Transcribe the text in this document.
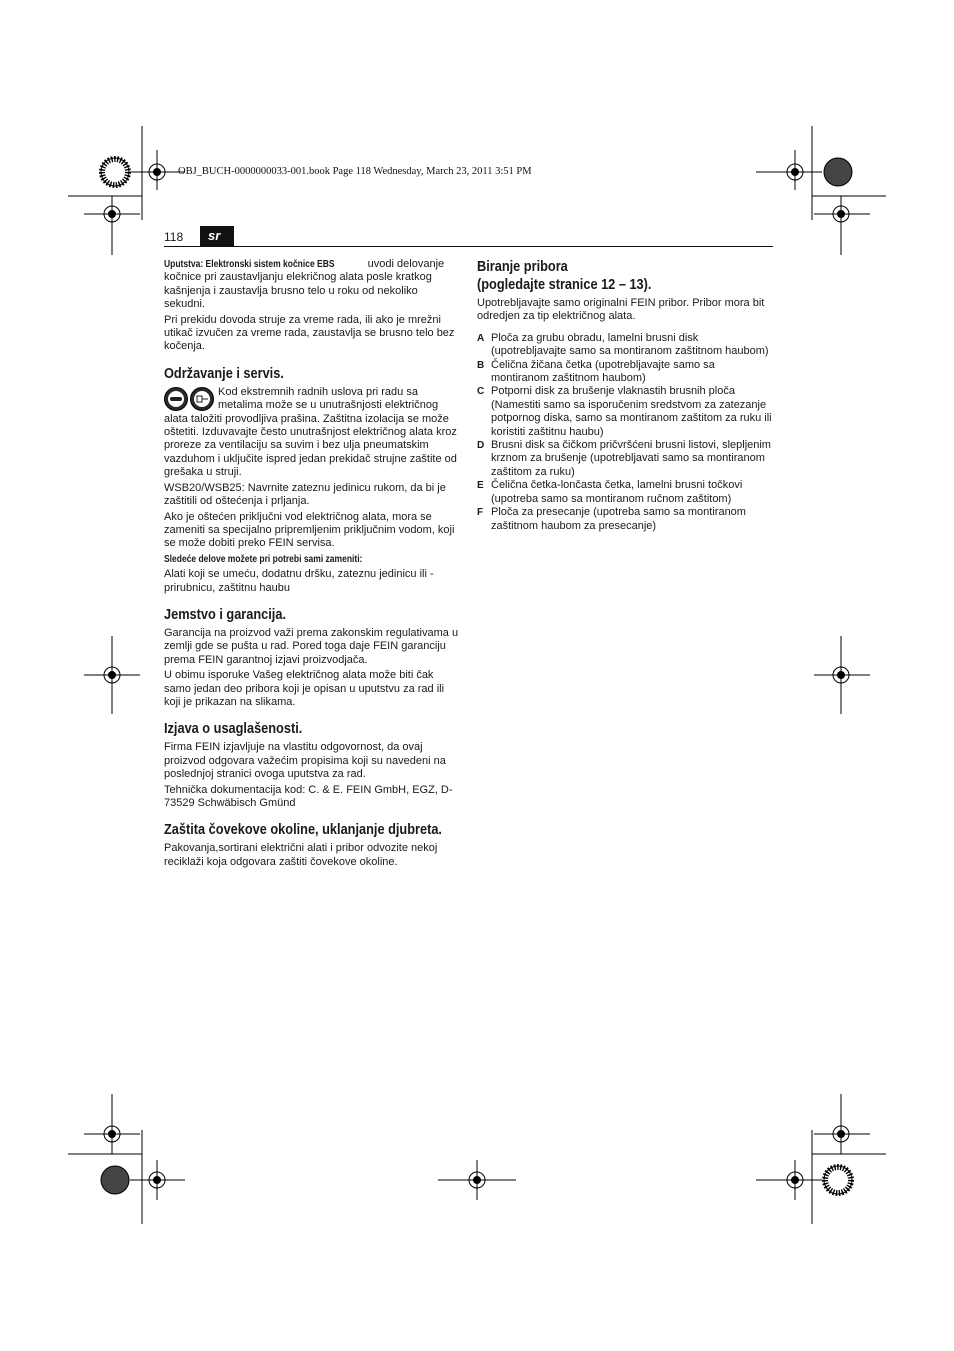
OBJ_BUCH-0000000033-001.book Page 118 Wednesday, March 23, 2011 3:51 PM
118	sr

Uputstva: Elektronski sistem kočnice EBS	uvodi delovanje kočnice pri zaustavljanju elekričnog alata posle kratkog kašnjenja i zaustavlja brusno telo u roku od nekoliko sekudni.

Pri prekidu dovoda struje za vreme rada, ili ako je mrežni utikač izvučen za vreme rada, zaustavlja se brusno telo bez kočenja.

Održavanje i servis.

Kod ekstremnih radnih uslova pri radu sa metalima može se u unutrašnjosti električnog alata taložiti provodljiva prašina. Zaštitna izolacija se može oštetiti. Izduvavajte često unutrašnjost električnog alata kroz proreze za ventilaciju sa suvim i bez ulja pneumatskim vazduhom i uključite ispred jedan prekidač strujne zaštite od grešaka u struji.

WSB20/WSB25: Navrnite zateznu jedinicu rukom, da bi je zaštitili od oštećenja i prljanja.

Ako je oštećen priključni vod električnog alata, mora se zameniti sa specijalno pripremljenim priključnim vodom, koji se može dobiti preko FEIN servisa.

Sledeće delove možete pri potrebi sami zameniti:

Alati koji se umeću, dodatnu dršku, zateznu jedinicu ili -prirubnicu, zaštitnu haubu

Jemstvo i garancija.

Garancija na proizvod važi prema zakonskim regulativama u zemlji gde se pušta u rad. Pored toga daje FEIN garanciju prema FEIN garantnoj izjavi proizvodjača.

U obimu isporuke Vašeg električnog alata može biti čak samo jedan deo pribora koji je opisan u uputstvu za rad ili koji je prikazan na slikama.

Izjava o usaglašenosti.

Firma FEIN izjavljuje na vlastitu odgovornost, da ovaj proizvod odgovara važećim propisima koji su navedeni na poslednjoj stranici ovoga uputstva za rad.

Tehnička dokumentacija kod: C. & E. FEIN GmbH, EGZ, D-73529 Schwäbisch Gmünd

Zaštita čovekove okoline, uklanjanje djubreta.

Pakovanja,sortirani električni alati i pribor odvozite nekoj reciklaži koja odgovara zaštiti čovekove okoline.

Biranje pribora
(pogledajte stranice 12 – 13).

Upotrebljavajte samo originalni FEIN pribor. Pribor mora bit odredjen za tip električnog alata.

A Ploča za grubu obradu, lamelni brusni disk (upotrebljavajte samo sa montiranom zaštitnom haubom)
B Čelična žičana četka (upotrebljavajte samo sa montiranom zaštitnom haubom)
C Potporni disk za brušenje vlaknastih brusnih ploča (Namestiti samo sa isporučenim sredstvom za zatezanje potpornog diska, samo sa montiranom zaštitom za ruku ili koristiti zaštitnu haubu)
D Brusni disk sa čičkom pričvršćeni brusni listovi, slepljenim krznom za brušenje (upotrebljavati samo sa montiranom zaštitom za ruku)
E Čelična četka-lončasta četka, lamelni brusni točkovi (upotreba samo sa montiranom ručnom zaštitom)
F Ploča za presecanje (upotreba samo sa montiranom zaštitnom haubom za presecanje)
